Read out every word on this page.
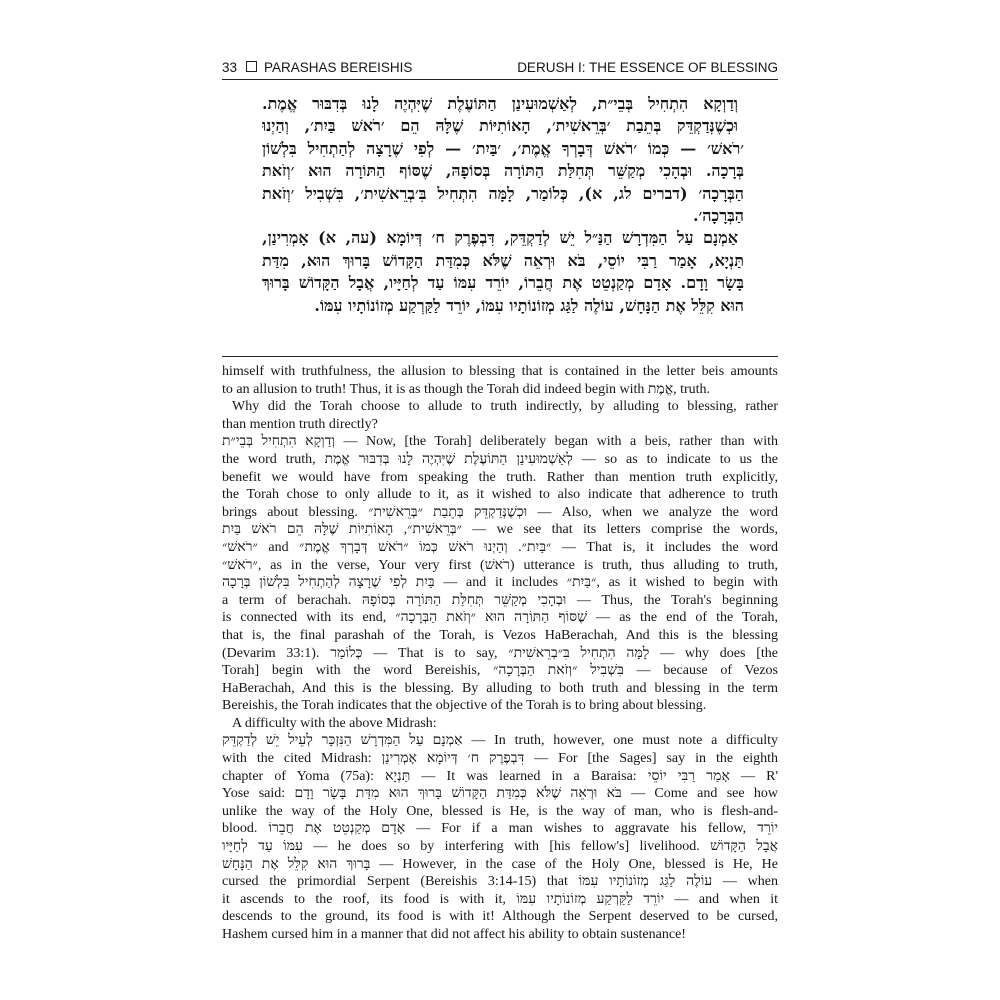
33 PARASHAS BEREISHIS	DERUSH I: THE ESSENCE OF BLESSING
וְדַוְקָא הִתְחִיל בְּבֵי״ת, לְאַשְׁמוּעִינַן הַתּוֹעֶלֶת שֶׁיִּהְיֶה לָנוּ בְּדִבּוּר אֱמֶת.
וּכְשֶׁנְּדַקְדֵּק בְּתֵבַת ׳בְּרֵאשִׁית׳, הָאוֹתִיּוֹת שֶׁלָּהּ הֵם ׳רֹאשׁ בַּיִת׳, וְהַיְנוּ
׳רֹאשׁ׳ — כְּמוֹ ׳רֹאשׁ דְּבָרְךָ אֱמֶת׳, ׳בַּיִת׳ — לְפִי שֶׁרָצָה לְהַתְחִיל בִּלְשׁוֹן
בְּרָכָה. וּבְהָכִי מְקַשֵּׁר תְּחִלַּת הַתּוֹרָה בְּסוֹפָהּ, שֶׁסּוֹף הַתּוֹרָה הוּא ׳וְזֹאת
הַבְּרָכָה׳ (דברים לג, א), כְּלוֹמַר, לָמָּה הִתְחִיל בִּ׳בְרֵאשִׁית׳, בִּשְׁבִיל ׳וְזֹאת
הַבְּרָכָה׳.
אַמְנָם עַל הַמִּדְרָשׁ הַנַּ״ל יֵשׁ לְדַקְדֵּק, דִּבְפֶרֶק ח׳ דְּיוֹמָא (עה, א) אָמְרִינַן,
תַּנְיָא, אָמַר רַבִּי יוֹסֵי, בֹּא וּרְאֵה שֶׁלֹּא כְּמִדַּת הַקָּדוֹשׁ בָּרוּךְ הוּא, מִדַּת
בָּשָׂר וָדָם. אָדָם מְקַנְטֵט אֶת חֲבֵרוֹ, יוֹרֵד עִמּוֹ עַד לְחַיָּיו, אֲבָל הַקָּדוֹשׁ בָּרוּךְ
הוּא קִלֵּל אֶת הַנָּחָשׁ, עוֹלֶה לַגַּג מְזוֹנוֹתָיו עִמּוֹ, יוֹרֵד לַקַּרְקַע מְזוֹנוֹתָיו עִמּוֹ.
himself with truthfulness, the allusion to blessing that is contained in the letter beis amounts
to an allusion to truth! Thus, it is as though the Torah did indeed begin with אֱמֶת, truth.
Why did the Torah choose to allude to truth indirectly, by alluding to blessing, rather
than mention truth directly?
וְדַוְקָא הִתְחִיל בְּבֵי״ת — Now, [the Torah] deliberately began with a beis, rather than with
the word truth, לְאַשְׁמוּעִינַן הַתּוֹעֶלֶת שֶׁיִּהְיֶה לָנוּ בְּדִבּוּר אֱמֶת — so as to indicate to us the
benefit we would have from speaking the truth. Rather than mention truth explicitly,
the Torah chose to only allude to it, as it wished to also indicate that adherence to truth
brings about blessing. וּכְשֶׁנְּדַקְדֵּק בְּתֵבַת ״בְּרֵאשִׁית״ — Also, when we analyze the word
״בְּרֵאשִׁית״, הָאוֹתִיּוֹת שֶׁלָּהּ הֵם רֹאשׁ בַּיִת — we see that its letters comprise the words,
״רֹאשׁ״ and ״בַּיִת״. וְהַיְנוּ רֹאשׁ כְּמוֹ ״רֹאשׁ דְּבָרְךָ אֱמֶת״ — That is, it includes the word
״רֹאשׁ״, as in the verse, Your very first (רֹאשׁ) utterance is truth, thus alluding to truth,
בַּיִת לְפִי שֶׁרָצָה לְהַתְחִיל בִּלְשׁוֹן בְּרָכָה — and it includes ״בַּיִת״, as it wished to begin with
a term of berachah. וּבְהָכִי מְקַשֵּׁר תְּחִלַּת הַתּוֹרָה בְּסוֹפָהּ — Thus, the Torah's beginning
is connected with its end, שֶׁסּוֹף הַתּוֹרָה הוּא ״וְזֹאת הַבְּרָכָה״ — as the end of the Torah,
that is, the final parashah of the Torah, is Vezos HaBerachah, And this is the blessing
(Devarim 33:1). כְּלוֹמַר — That is to say, לָמָּה הִתְחִיל בִּ״בְרֵאשִׁית״ — why does [the
Torah] begin with the word Bereishis, בִּשְׁבִיל ״וְזֹאת הַבְּרָכָה״ — because of Vezos
HaBerachah, And this is the blessing. By alluding to both truth and blessing in the term
Bereishis, the Torah indicates that the objective of the Torah is to bring about blessing.
A difficulty with the above Midrash:
אַמְנָם עַל הַמִּדְרָשׁ הַנִּזְכָּר לְעֵיל יֵשׁ לְדַקְדֵּק — In truth, however, one must note a difficulty
with the cited Midrash: דִּבְפֶרֶק ח׳ דְּיוֹמָא אָמְרִינַן — For [the Sages] say in the eighth
chapter of Yoma (75a): תַּנְיָא — It was learned in a Baraisa: אָמַר רַבִּי יוֹסֵי — R'
Yose said: בֹּא וּרְאֵה שֶׁלֹּא כְּמִדַּת הַקָּדוֹשׁ בָּרוּךְ הוּא מִדַּת בָּשָׂר וָדָם — Come and see how
unlike the way of the Holy One, blessed is He, is the way of man, who is flesh-and-
blood. אָדָם מְקַנְטֵט אֶת חֲבֵרוֹ — For if a man wishes to aggravate his fellow, יוֹרֵד
עִמּוֹ עַד לְחַיָּיו — he does so by interfering with [his fellow's] livelihood. אֲבָל הַקָּדוֹשׁ
בָּרוּךְ הוּא קִלֵּל אֶת הַנָּחָשׁ — However, in the case of the Holy One, blessed is He, He
cursed the primordial Serpent (Bereishis 3:14-15) that עוֹלֶה לַגַּג מְזוֹנוֹתָיו עִמּוֹ — when
it ascends to the roof, its food is with it, יוֹרֵד לַקַּרְקַע מְזוֹנוֹתָיו עִמּוֹ — and when it
descends to the ground, its food is with it! Although the Serpent deserved to be cursed,
Hashem cursed him in a manner that did not affect his ability to obtain sustenance!
